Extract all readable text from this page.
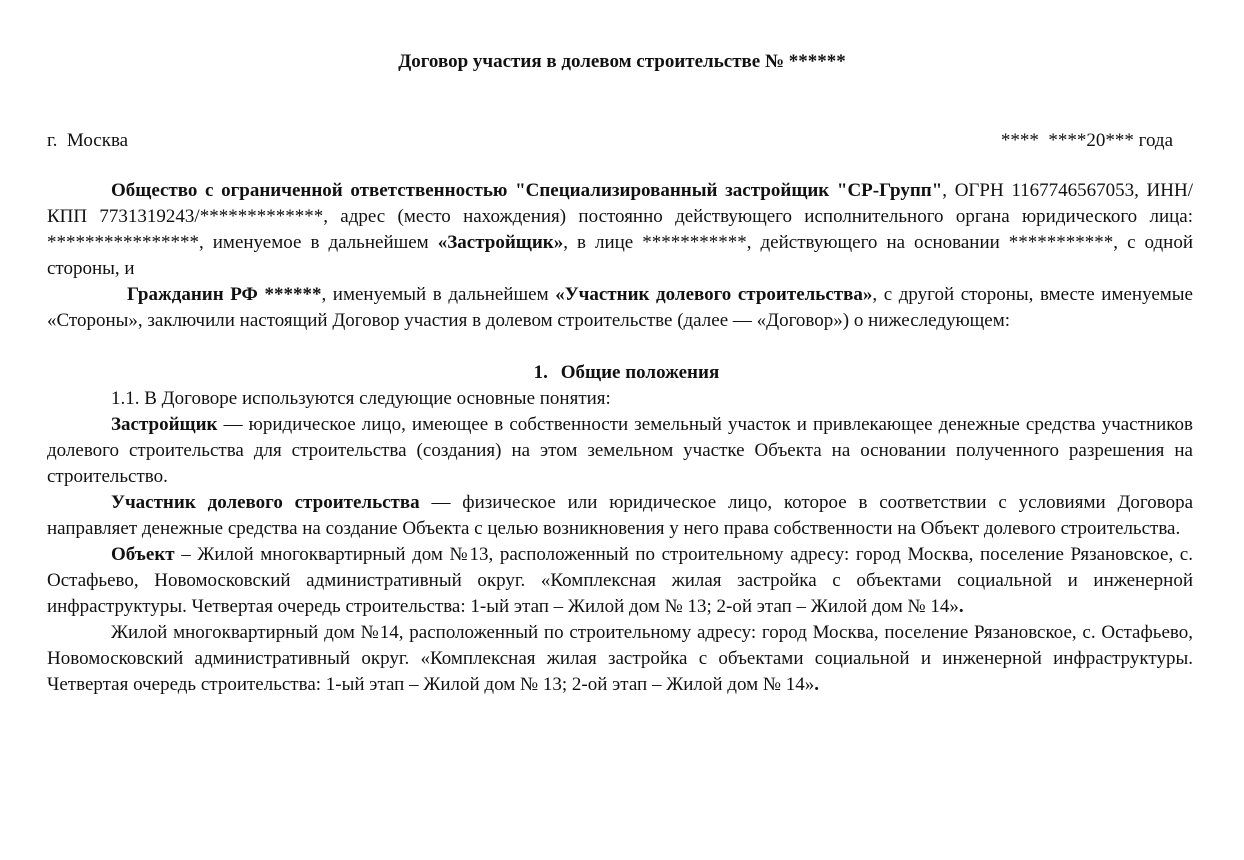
Договор участия в долевом строительстве № ******
г.  Москва	****  ****20*** года

Общество с ограниченной ответственностью "Специализированный застройщик "СР-Групп", ОГРН 1167746567053, ИНН/КПП 7731319243/*************, адрес (место нахождения) постоянно действующего исполнительного органа юридического лица: ****************, именуемое в дальнейшем «Застройщик», в лице ***********, действующего на основании ***********, с одной стороны, и

Гражданин РФ ******, именуемый в дальнейшем «Участник долевого строительства», с другой стороны, вместе именуемые «Стороны», заключили настоящий Договор участия в долевом строительстве (далее — «Договор») о нижеследующем:

1. Общие положения

1.1. В Договоре используются следующие основные понятия:

Застройщик — юридическое лицо, имеющее в собственности земельный участок и привлекающее денежные средства участников долевого строительства для строительства (создания) на этом земельном участке Объекта на основании полученного разрешения на строительство.

Участник долевого строительства — физическое или юридическое лицо, которое в соответствии с условиями Договора направляет денежные средства на создание Объекта с целью возникновения у него права собственности на Объект долевого строительства.

Объект – Жилой многоквартирный дом №13, расположенный по строительному адресу: город Москва, поселение Рязановское, с. Остафьево, Новомосковский административный округ. «Комплексная жилая застройка с объектами социальной и инженерной инфраструктуры. Четвертая очередь строительства: 1-ый этап – Жилой дом № 13; 2-ой этап – Жилой дом № 14».

Жилой многоквартирный дом №14, расположенный по строительному адресу: город Москва, поселение Рязановское, с. Остафьево, Новомосковский административный округ. «Комплексная жилая застройка с объектами социальной и инженерной инфраструктуры. Четвертая очередь строительства: 1-ый этап – Жилой дом № 13; 2-ой этап – Жилой дом № 14».
